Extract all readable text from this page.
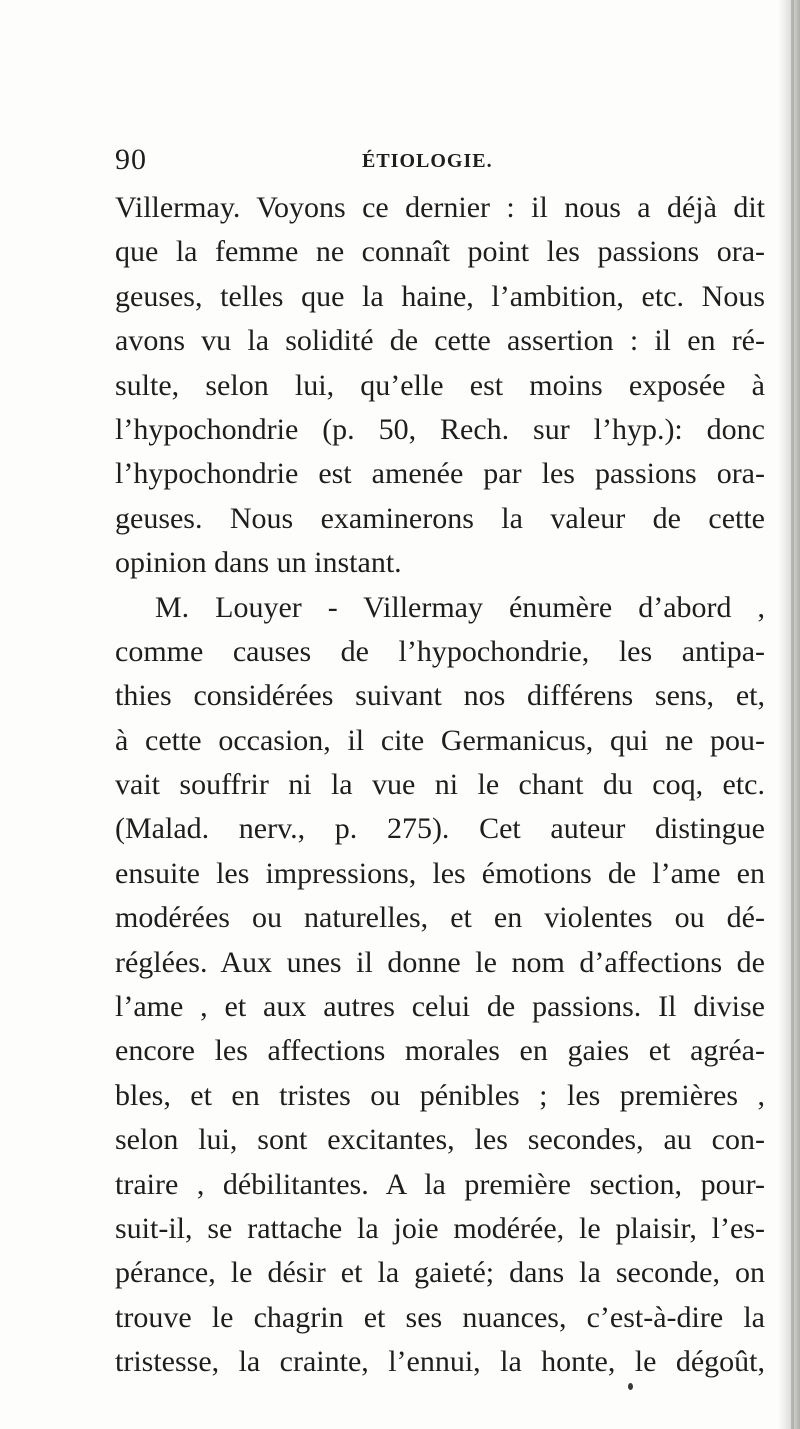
90	ÉTIOLOGIE.
Villermay. Voyons ce dernier : il nous a déjà dit
que la femme ne connaît point les passions ora-
geuses, telles que la haine, l’ambition, etc. Nous
avons vu la solidité de cette assertion : il en ré-
sulte, selon lui, qu’elle est moins exposée à
l’hypochondrie (p. 50, Rech. sur l’hyp.): donc
l’hypochondrie est amenée par les passions ora-
geuses. Nous examinerons la valeur de cette
opinion dans un instant.
M. Louyer - Villermay énumère d’abord ,
comme causes de l’hypochondrie, les antipa-
thies considérées suivant nos différens sens, et,
à cette occasion, il cite Germanicus, qui ne pou-
vait souffrir ni la vue ni le chant du coq, etc.
(Malad. nerv., p. 275). Cet auteur distingue
ensuite les impressions, les émotions de l’ame en
modérées ou naturelles, et en violentes ou dé-
réglées. Aux unes il donne le nom d’affections de
l’ame , et aux autres celui de passions. Il divise
encore les affections morales en gaies et agréa-
bles, et en tristes ou pénibles ; les premières ,
selon lui, sont excitantes, les secondes, au con-
traire , débilitantes. A la première section, pour-
suit-il, se rattache la joie modérée, le plaisir, l’es-
pérance, le désir et la gaieté; dans la seconde, on
trouve le chagrin et ses nuances, c’est-à-dire la
tristesse, la crainte, l’ennui, la honte, le dégoût,
